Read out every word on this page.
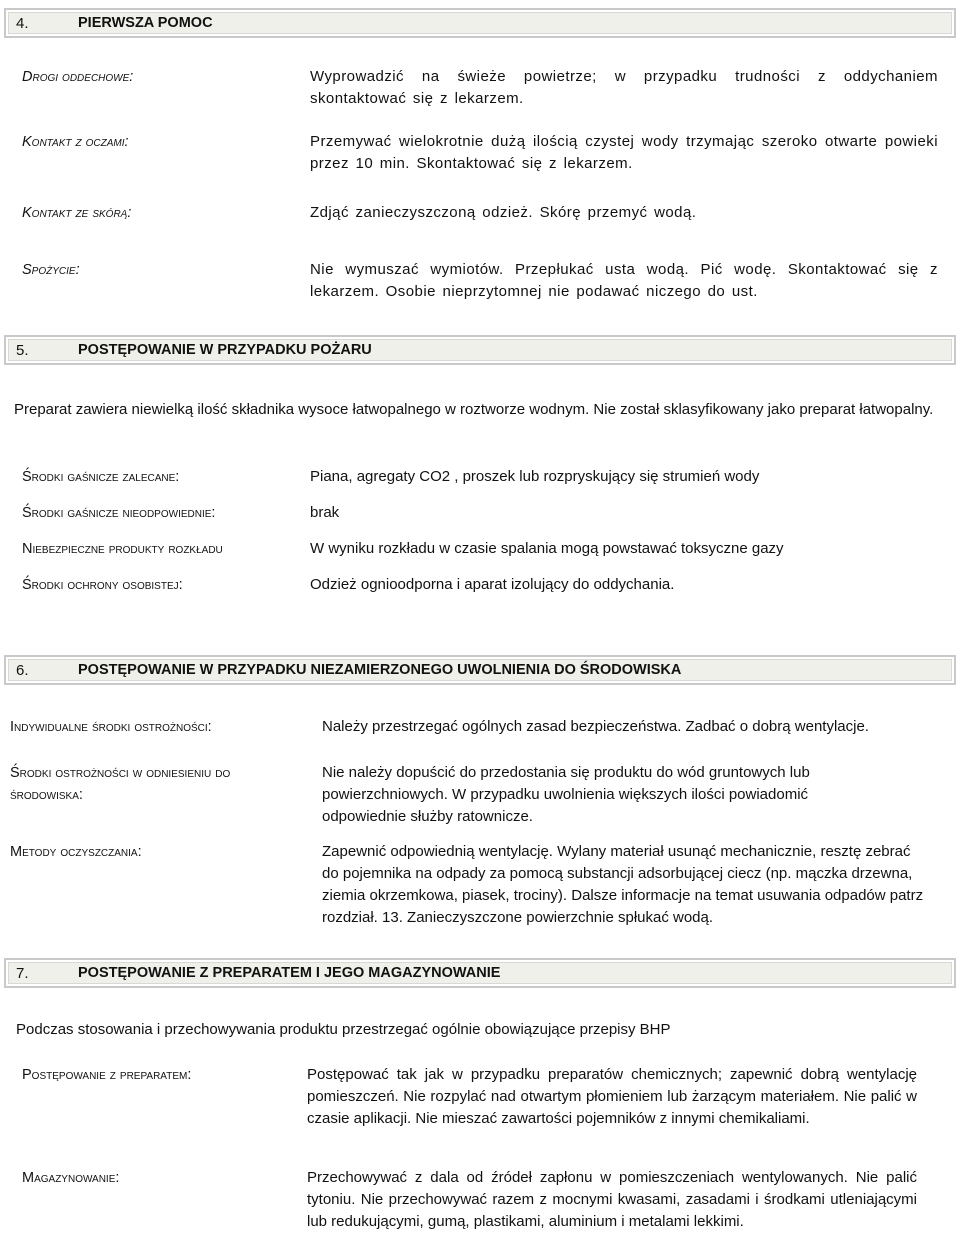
4.	PIERWSZA POMOC
Drogi oddechowe:	Wyprowadzić na świeże powietrze; w przypadku trudności z oddychaniem skontaktować się z lekarzem.
Kontakt z oczami:	Przemywać wielokrotnie dużą ilością czystej wody trzymając szeroko otwarte powieki przez 10 min. Skontaktować się z lekarzem.
Kontakt ze skórą:	Zdjąć zanieczyszczoną odzież. Skórę przemyć wodą.
Spożycie:	Nie wymuszać wymiotów. Przepłukać usta wodą. Pić wodę. Skontaktować się z lekarzem. Osobie nieprzytomnej nie podawać niczego do ust.
5.	POSTĘPOWANIE W PRZYPADKU POŻARU
Preparat zawiera niewielką ilość składnika wysoce łatwopalnego w roztworze wodnym. Nie został sklasyfikowany jako preparat łatwopalny.
Środki gaśnicze zalecane:	Piana, agregaty CO2 , proszek lub rozpryskujący się strumień wody
Środki gaśnicze nieodpowiednie:	brak
Niebezpieczne produkty rozkładu	W wyniku rozkładu w czasie spalania mogą powstawać toksyczne gazy
Środki ochrony osobistej:	Odzież ognioodporna i aparat izolujący do oddychania.
6.	POSTĘPOWANIE W PRZYPADKU NIEZAMIERZONEGO UWOLNIENIA DO ŚRODOWISKA
Indywidualne środki ostrożności:	Należy przestrzegać ogólnych zasad bezpieczeństwa. Zadbać o dobrą wentylacje.
Środki ostrożności w odniesieniu do środowiska:
Nie należy dopuścić do przedostania się produktu do wód gruntowych lub powierzchniowych. W przypadku uwolnienia większych ilości powiadomić odpowiednie służby ratownicze.
Metody oczyszczania:	Zapewnić odpowiednią wentylację. Wylany materiał usunąć mechanicznie, resztę zebrać do pojemnika na odpady za pomocą substancji adsorbującej ciecz (np. mączka drzewna, ziemia okrzemkowa, piasek, trociny). Dalsze informacje na temat usuwania odpadów patrz rozdział. 13. Zanieczyszczone powierzchnie spłukać wodą.
7.	POSTĘPOWANIE Z PREPARATEM I JEGO MAGAZYNOWANIE
Podczas stosowania i przechowywania produktu przestrzegać ogólnie obowiązujące przepisy BHP
Postępowanie z preparatem:	Postępować tak jak w przypadku preparatów chemicznych; zapewnić dobrą wentylację pomieszczeń. Nie rozpylać nad otwartym płomieniem lub żarzącym materiałem. Nie palić w czasie aplikacji. Nie mieszać zawartości pojemników z innymi chemikaliami.
Magazynowanie:	Przechowywać z dala od źródeł zapłonu w pomieszczeniach wentylowanych. Nie palić tytoniu. Nie przechowywać razem z mocnymi kwasami, zasadami i środkami utleniającymi lub redukującymi, gumą, plastikami, aluminium i metalami lekkimi.
